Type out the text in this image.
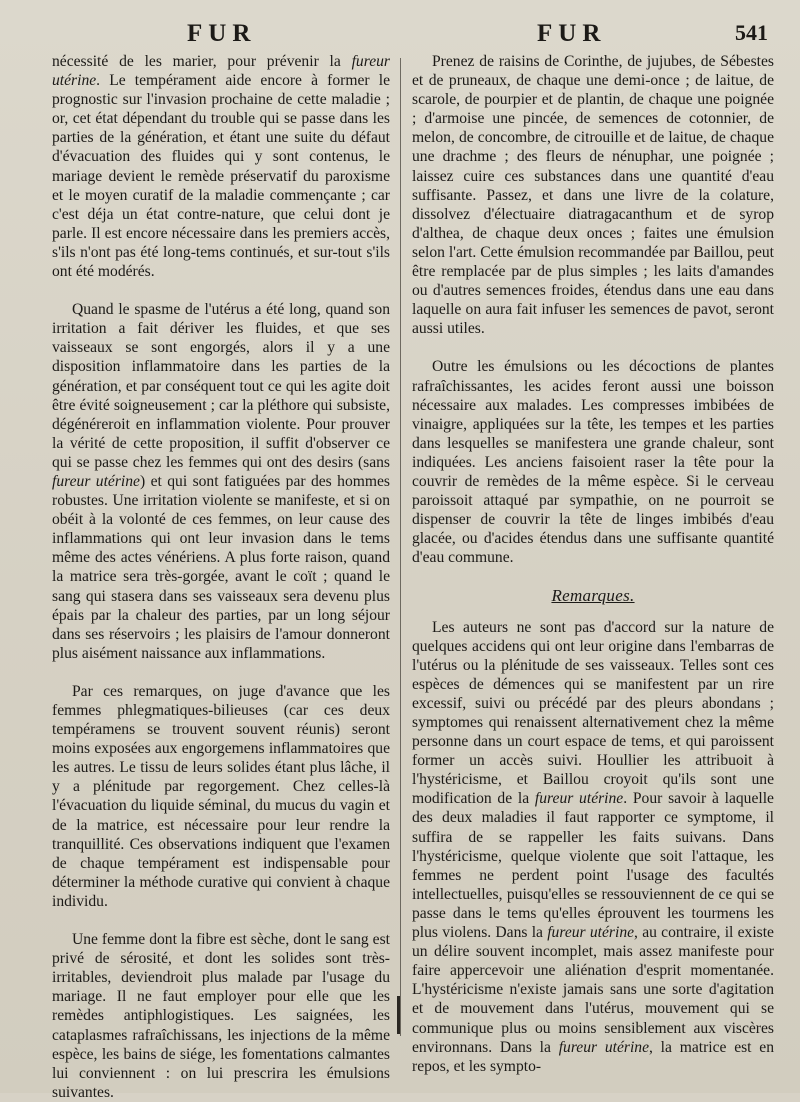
FUR	FUR	541

nécessité de les marier, pour prévenir la fureur utérine. Le tempérament aide encore à former le prognostic sur l'invasion prochaine de cette maladie ; or, cet état dépendant du trouble qui se passe dans les parties de la génération, et étant une suite du défaut d'évacuation des fluides qui y sont contenus, le mariage devient le remède préservatif du paroxisme et le moyen curatif de la maladie commençante ; car c'est déja un état contre-nature, que celui dont je parle. Il est encore nécessaire dans les premiers accès, s'ils n'ont pas été long-tems continués, et sur-tout s'ils ont été modérés.

Quand le spasme de l'utérus a été long, quand son irritation a fait dériver les fluides, et que ses vaisseaux se sont engorgés, alors il y a une disposition inflammatoire dans les parties de la génération, et par conséquent tout ce qui les agite doit être évité soigneusement ; car la pléthore qui subsiste, dégénéreroit en inflammation violente. Pour prouver la vérité de cette proposition, il suffit d'observer ce qui se passe chez les femmes qui ont des desirs (sans fureur utérine) et qui sont fatiguées par des hommes robustes. Une irritation violente se manifeste, et si on obéit à la volonté de ces femmes, on leur cause des inflammations qui ont leur invasion dans le tems même des actes vénériens. A plus forte raison, quand la matrice sera très-gorgée, avant le coït ; quand le sang qui stasera dans ses vaisseaux sera devenu plus épais par la chaleur des parties, par un long séjour dans ses réservoirs ; les plaisirs de l'amour donneront plus aisément naissance aux inflammations.

Par ces remarques, on juge d'avance que les femmes phlegmatiques-bilieuses (car ces deux tempéramens se trouvent souvent réunis) seront moins exposées aux engorgemens inflammatoires que les autres. Le tissu de leurs solides étant plus lâche, il y a plénitude par regorgement. Chez celles-là l'évacuation du liquide séminal, du mucus du vagin et de la matrice, est nécessaire pour leur rendre la tranquillité. Ces observations indiquent que l'examen de chaque tempérament est indispensable pour déterminer la méthode curative qui convient à chaque individu.

Une femme dont la fibre est sèche, dont le sang est privé de sérosité, et dont les solides sont très-irritables, deviendroit plus malade par l'usage du mariage. Il ne faut employer pour elle que les remèdes antiphlogistiques. Les saignées, les cataplasmes rafraîchissans, les injections de la même espèce, les bains de siége, les fomentations calmantes lui conviennent : on lui prescrira les émulsions suivantes.

Prenez de raisins de Corinthe, de jujubes, de Sébestes et de pruneaux, de chaque une demi-once ; de laitue, de scarole, de pourpier et de plantin, de chaque une poignée ; d'armoise une pincée, de semences de cotonnier, de melon, de concombre, de citrouille et de laitue, de chaque une drachme ; des fleurs de nénuphar, une poignée ; laissez cuire ces substances dans une quantité d'eau suffisante. Passez, et dans une livre de la colature, dissolvez d'électuaire diatragacanthum et de syrop d'althea, de chaque deux onces ; faites une émulsion selon l'art. Cette émulsion recommandée par Baillou, peut être remplacée par de plus simples ; les laits d'amandes ou d'autres semences froides, étendus dans une eau dans laquelle on aura fait infuser les semences de pavot, seront aussi utiles.

Outre les émulsions ou les décoctions de plantes rafraîchissantes, les acides feront aussi une boisson nécessaire aux malades. Les compresses imbibées de vinaigre, appliquées sur la tête, les tempes et les parties dans lesquelles se manifestera une grande chaleur, sont indiquées. Les anciens faisoient raser la tête pour la couvrir de remèdes de la même espèce. Si le cerveau paroissoit attaqué par sympathie, on ne pourroit se dispenser de couvrir la tête de linges imbibés d'eau glacée, ou d'acides étendus dans une suffisante quantité d'eau commune.

Remarques.

Les auteurs ne sont pas d'accord sur la nature de quelques accidens qui ont leur origine dans l'embarras de l'utérus ou la plénitude de ses vaisseaux. Telles sont ces espèces de démences qui se manifestent par un rire excessif, suivi ou précédé par des pleurs abondans ; symptomes qui renaissent alternativement chez la même personne dans un court espace de tems, et qui paroissent former un accès suivi. Houllier les attribuoit à l'hystéricisme, et Baillou croyoit qu'ils sont une modification de la fureur utérine. Pour savoir à laquelle des deux maladies il faut rapporter ce symptome, il suffira de se rappeller les faits suivans. Dans l'hystéricisme, quelque violente que soit l'attaque, les femmes ne perdent point l'usage des facultés intellectuelles, puisqu'elles se ressouviennent de ce qui se passe dans le tems qu'elles éprouvent les tourmens les plus violens. Dans la fureur utérine, au contraire, il existe un délire souvent incomplet, mais assez manifeste pour faire appercevoir une aliénation d'esprit momentanée. L'hystéricisme n'existe jamais sans une sorte d'agitation et de mouvement dans l'utérus, mouvement qui se communique plus ou moins sensiblement aux viscères environnans. Dans la fureur utérine, la matrice est en repos, et les sympto-
